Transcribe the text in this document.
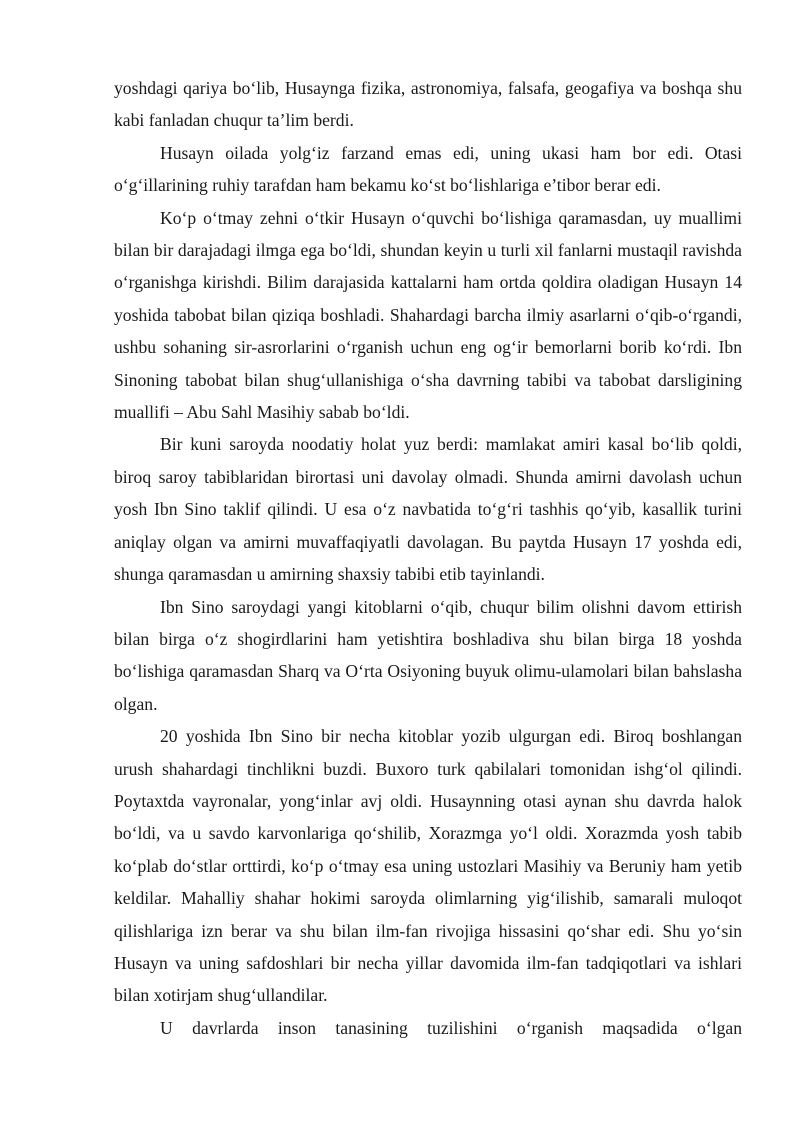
yoshdagi qariya bo‘lib, Husaynga fizika, astronomiya, falsafa, geogafiya va boshqa shu kabi fanladan chuqur ta’lim berdi.

Husayn oilada yolg‘iz farzand emas edi, uning ukasi ham bor edi. Otasi o‘g‘illarining ruhiy tarafdan ham bekamu ko‘st bo‘lishlariga e’tibor berar edi.

Ko‘p o‘tmay zehni o‘tkir Husayn o‘quvchi bo‘lishiga qaramasdan, uy muallimi bilan bir darajadagi ilmga ega bo‘ldi, shundan keyin u turli xil fanlarni mustaqil ravishda o‘rganishga kirishdi. Bilim darajasida kattalarni ham ortda qoldira oladigan Husayn 14 yoshida tabobat bilan qiziqa boshladi. Shahardagi barcha ilmiy asarlarni o‘qib-o‘rgandi, ushbu sohaning sir-asrorlarini o‘rganish uchun eng og‘ir bemorlarni borib ko‘rdi. Ibn Sinoning tabobat bilan shug‘ullanishiga o‘sha davrning tabibi va tabobat darsligining muallifi – Abu Sahl Masihiy sabab bo‘ldi.

Bir kuni saroyda noodatiy holat yuz berdi: mamlakat amiri kasal bo‘lib qoldi, biroq saroy tabiblaridan birortasi uni davolay olmadi. Shunda amirni davolash uchun yosh Ibn Sino taklif qilindi. U esa o‘z navbatida to‘g‘ri tashhis qo‘yib, kasallik turini aniqlay olgan va amirni muvaffaqiyatli davolagan. Bu paytda Husayn 17 yoshda edi, shunga qaramasdan u amirning shaxsiy tabibi etib tayinlandi.

Ibn Sino saroydagi yangi kitoblarni o‘qib, chuqur bilim olishni davom ettirish bilan birga o‘z shogirdlarini ham yetishtira boshladiva shu bilan birga 18 yoshda bo‘lishiga qaramasdan Sharq va O‘rta Osiyoning buyuk olimu-ulamolari bilan bahslasha olgan.

20 yoshida Ibn Sino bir necha kitoblar yozib ulgurgan edi. Biroq boshlangan urush shahardagi tinchlikni buzdi. Buxoro turk qabilalari tomonidan ishg‘ol qilindi. Poytaxtda vayronalar, yong‘inlar avj oldi. Husaynning otasi aynan shu davrda halok bo‘ldi, va u savdo karvonlariga qo‘shilib, Xorazmga yo‘l oldi. Xorazmda yosh tabib ko‘plab do‘stlar orttirdi, ko‘p o‘tmay esa uning ustozlari Masihiy va Beruniy ham yetib keldilar. Mahalliy shahar hokimi saroyda olimlarning yig‘ilishib, samarali muloqot qilishlariga izn berar va shu bilan ilm-fan rivojiga hissasini qo‘shar edi. Shu yo‘sin Husayn va uning safdoshlari bir necha yillar davomida ilm-fan tadqiqotlari va ishlari bilan xotirjam shug‘ullandilar.

U davrlarda inson tanasining tuzilishini o‘rganish maqsadida o‘lgan
